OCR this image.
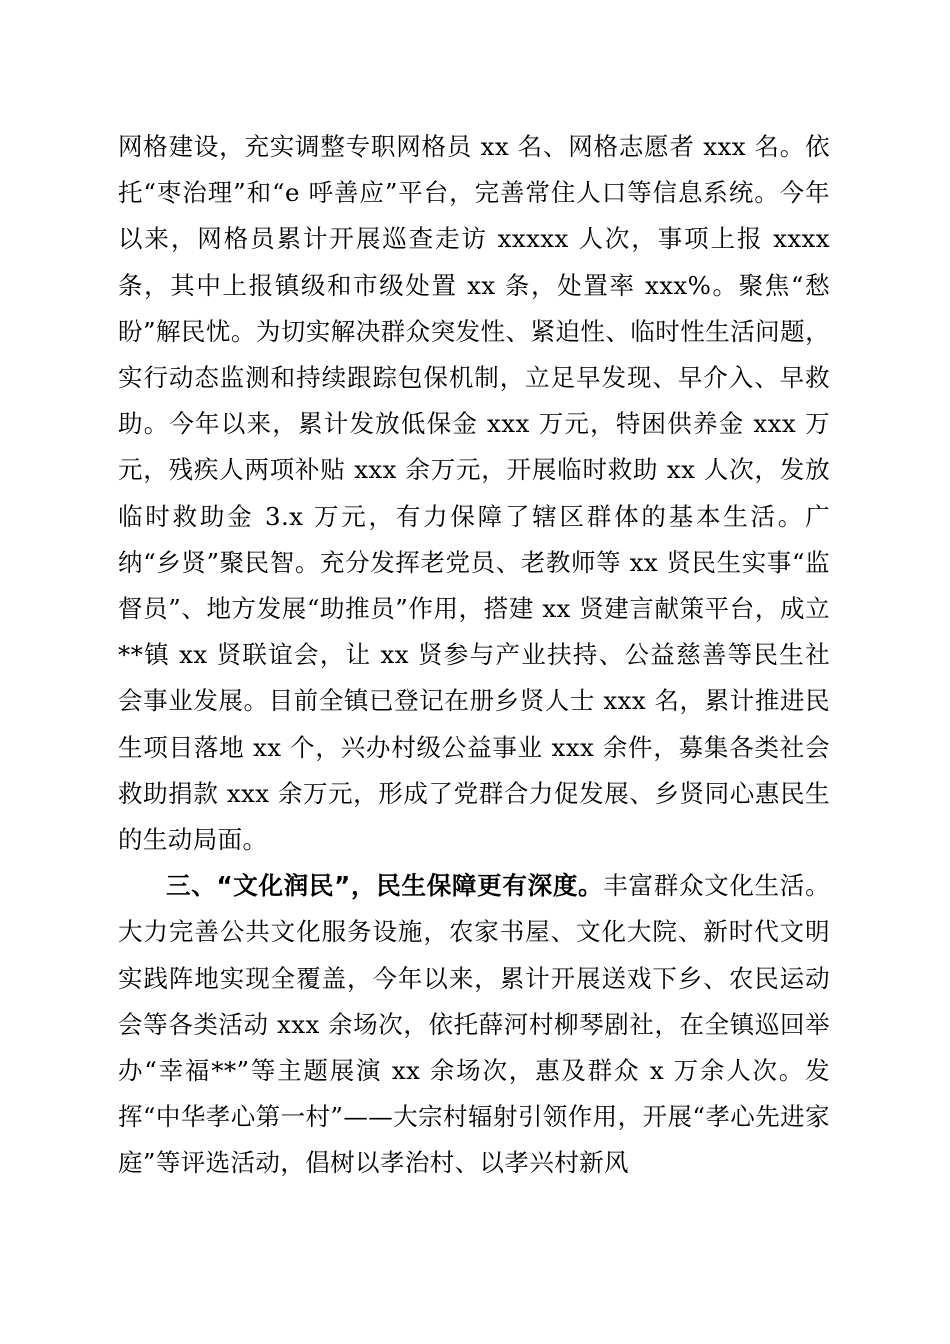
网格建设，充实调整专职网格员 xx 名、网格志愿者 xxx 名。依托“枣治理”和“e 呼善应”平台，完善常住人口等信息系统。今年以来，网格员累计开展巡查走访 xxxxx 人次，事项上报 xxxx 条，其中上报镇级和市级处置 xx 条，处置率 xxx%。聚焦“愁盼”解民忧。为切实解决群众突发性、紧迫性、临时性生活问题，实行动态监测和持续跟踪包保机制，立足早发现、早介入、早救助。今年以来，累计发放低保金 xxx 万元，特困供养金 xxx 万元，残疾人两项补贴 xxx 余万元，开展临时救助 xx 人次，发放临时救助金 3.x 万元，有力保障了辖区群体的基本生活。广纳“乡贤”聚民智。充分发挥老党员、老教师等 xx 贤民生实事“监督员”、地方发展“助推员”作用，搭建 xx 贤建言献策平台，成立**镇 xx 贤联谊会，让 xx 贤参与产业扶持、公益慈善等民生社会事业发展。目前全镇已登记在册乡贤人士 xxx 名，累计推进民生项目落地 xx 个，兴办村级公益事业 xxx 余件，募集各类社会救助捐款 xxx 余万元，形成了党群合力促发展、乡贤同心惠民生的生动局面。

三、“文化润民”，民生保障更有深度。丰富群众文化生活。大力完善公共文化服务设施，农家书屋、文化大院、新时代文明实践阵地实现全覆盖，今年以来，累计开展送戏下乡、农民运动会等各类活动 xxx 余场次，依托薛河村柳琴剧社，在全镇巡回举办“幸福**”等主题展演 xx 余场次，惠及群众 x 万余人次。发挥“中华孝心第一村”——大宗村辐射引领作用，开展“孝心先进家庭”等评选活动，倡树以孝治村、以孝兴村新风
